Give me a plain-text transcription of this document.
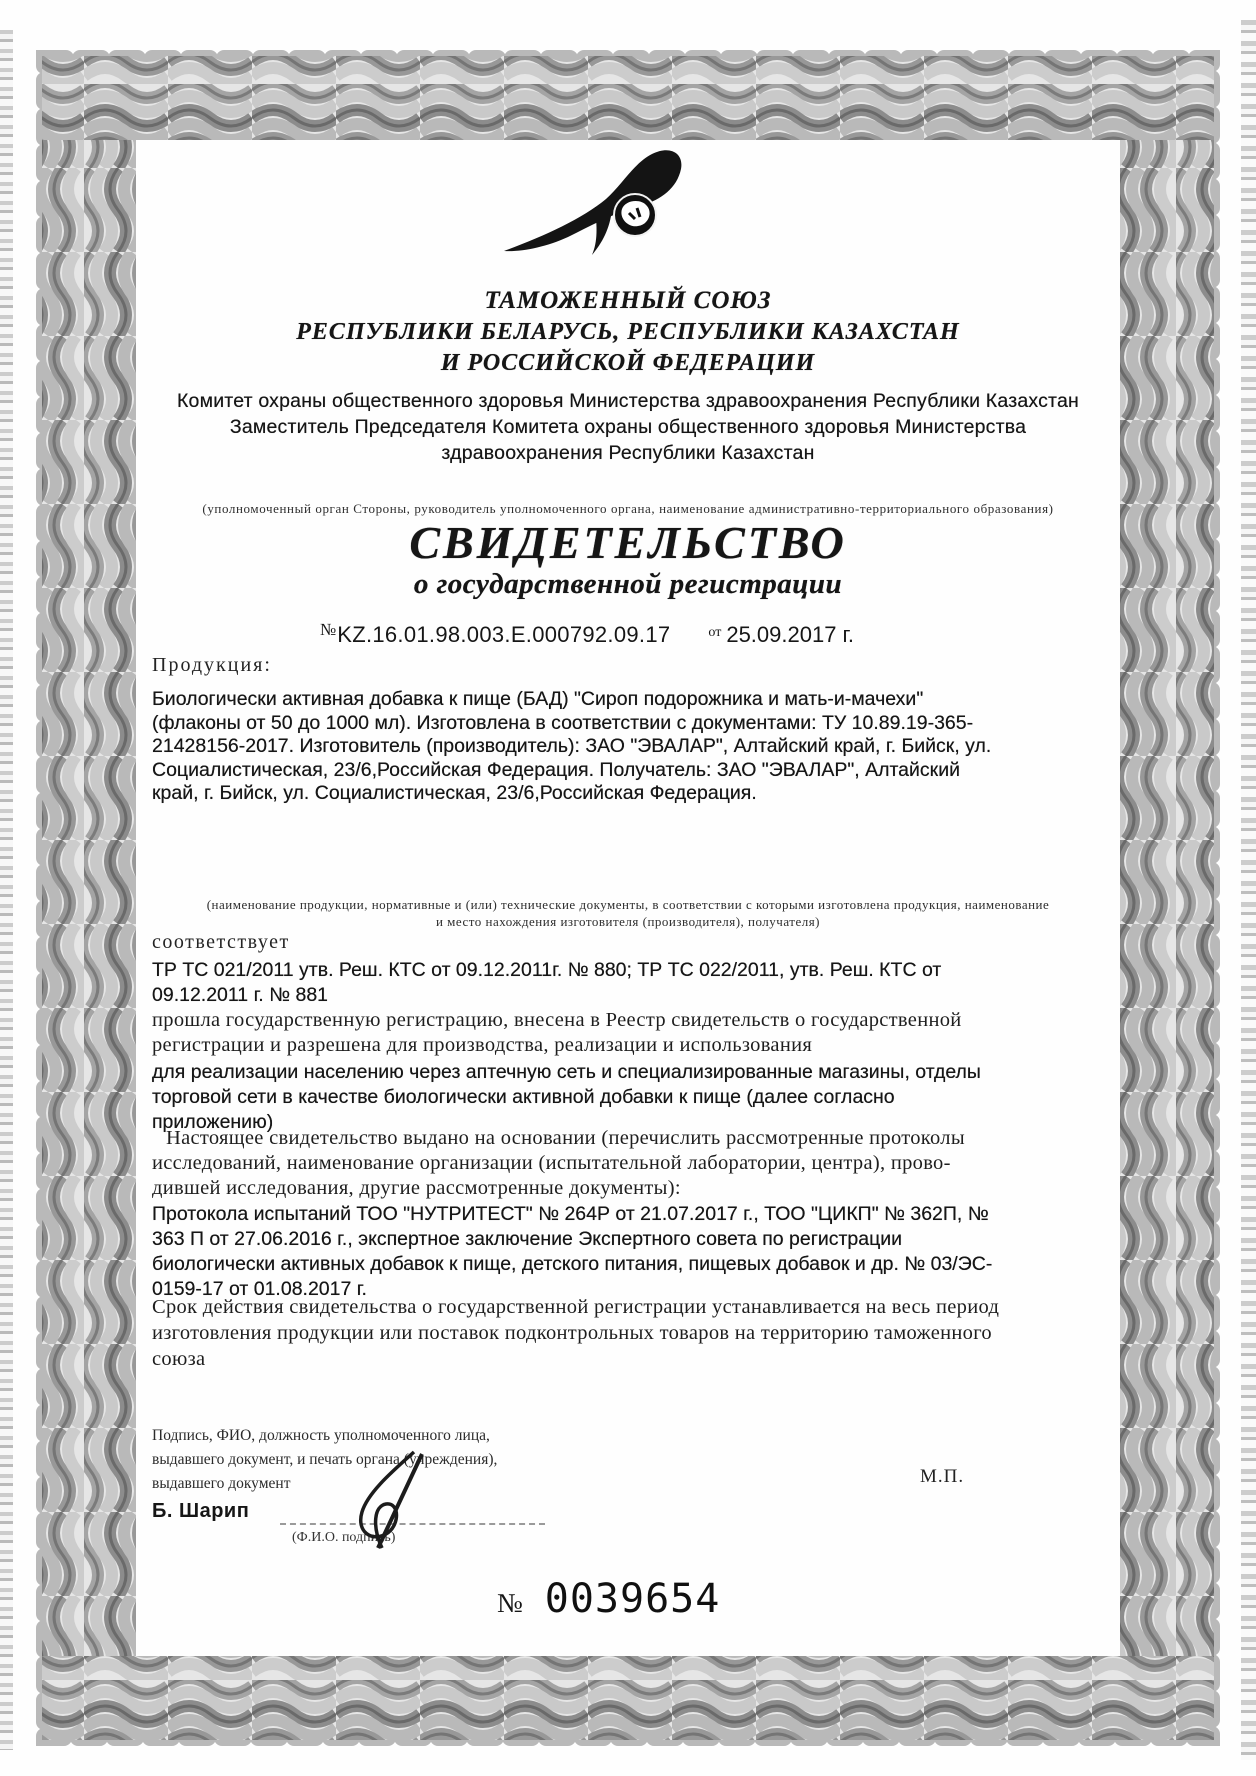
ТАМОЖЕННЫЙ СОЮЗ
РЕСПУБЛИКИ БЕЛАРУСЬ, РЕСПУБЛИКИ КАЗАХСТАН
И РОССИЙСКОЙ ФЕДЕРАЦИИ
Комитет охраны общественного здоровья Министерства здравоохранения Республики Казахстан
Заместитель Председателя Комитета охраны общественного здоровья Министерства
здравоохранения Республики Казахстан
(уполномоченный орган Стороны, руководитель уполномоченного органа, наименование административно-территориального образования)
СВИДЕТЕЛЬСТВО
о государственной регистрации
№ KZ.16.01.98.003.E.000792.09.17	от 25.09.2017 г.
Продукция:
Биологически активная добавка к пище (БАД) "Сироп подорожника и мать-и-мачехи"
(флаконы от 50 до 1000 мл). Изготовлена в соответствии с документами: ТУ 10.89.19-365-
21428156-2017. Изготовитель (производитель): ЗАО "ЭВАЛАР", Алтайский край, г. Бийск, ул.
Социалистическая, 23/6,Российская Федерация. Получатель: ЗАО "ЭВАЛАР", Алтайский
край, г. Бийск, ул. Социалистическая, 23/6,Российская Федерация.
(наименование продукции, нормативные и (или) технические документы, в соответствии с которыми изготовлена продукция, наименование
и место нахождения изготовителя (производителя), получателя)
соответствует
ТР ТС 021/2011 утв. Реш. КТС от 09.12.2011г. № 880; ТР ТС 022/2011, утв. Реш. КТС от
09.12.2011 г. № 881
прошла государственную регистрацию, внесена в Реестр свидетельств о государственной
регистрации и разрешена для производства, реализации и использования
для реализации населению через аптечную сеть и специализированные магазины, отделы
торговой сети в качестве биологически активной добавки к пище (далее согласно
приложению)
Настоящее свидетельство выдано на основании (перечислить рассмотренные протоколы
исследований, наименование организации (испытательной лаборатории, центра), прово-
дившей исследования, другие рассмотренные документы):
Протокола испытаний ТОО "НУТРИТЕСТ" № 264Р от 21.07.2017 г., ТОО "ЦИКП" № 362П, №
363 П от 27.06.2016 г., экспертное заключение Экспертного совета по регистрации
биологически активных добавок к пище, детского питания, пищевых добавок и др. № 03/ЭС-
0159-17 от 01.08.2017 г.
Срок действия свидетельства о государственной регистрации устанавливается на весь период
изготовления продукции или поставок подконтрольных товаров на территорию таможенного
союза
Подпись, ФИО, должность уполномоченного лица,
выдавшего документ, и печать органа (учреждения),
выдавшего документ
Б. Шарип
(Ф.И.О. подпись)
М.П.
№ 0039654
